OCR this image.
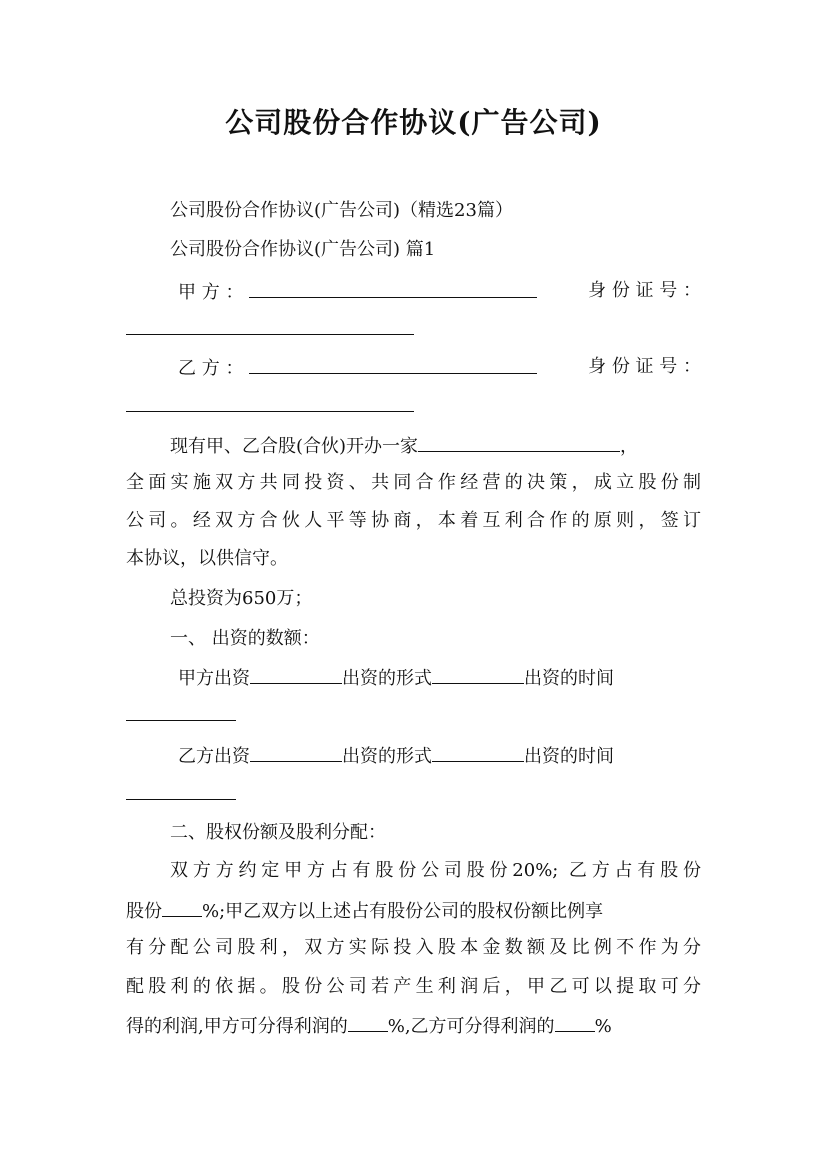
公司股份合作协议(广告公司)
公司股份合作协议(广告公司)（精选23篇）
公司股份合作协议(广告公司) 篇1
甲 方 ：	身 份 证 号 ：
乙 方 ：	身 份 证 号 ：
现有甲、乙合股(合伙)开办一家	，
全面实施双方共同投资、共同合作经营的决策，成立股份制
公司。经双方合伙人平等协商，本着互利合作的原则，签订
本协议，以供信守。
总投资为650万；
一、 出资的数额：
甲方出资	出资的形式	出资的时间
乙方出资	出资的形式	出资的时间
二、股权份额及股利分配：
双方方约定甲方占有股份公司股份20%; 乙方占有股份
股份 %;甲乙双方以上述占有股份公司的股权份额比例享
有分配公司股利，双方实际投入股本金数额及比例不作为分
配股利的依据。股份公司若产生利润后，甲乙可以提取可分
得的利润,甲方可分得利润的 %,乙方可分得利润的 %
